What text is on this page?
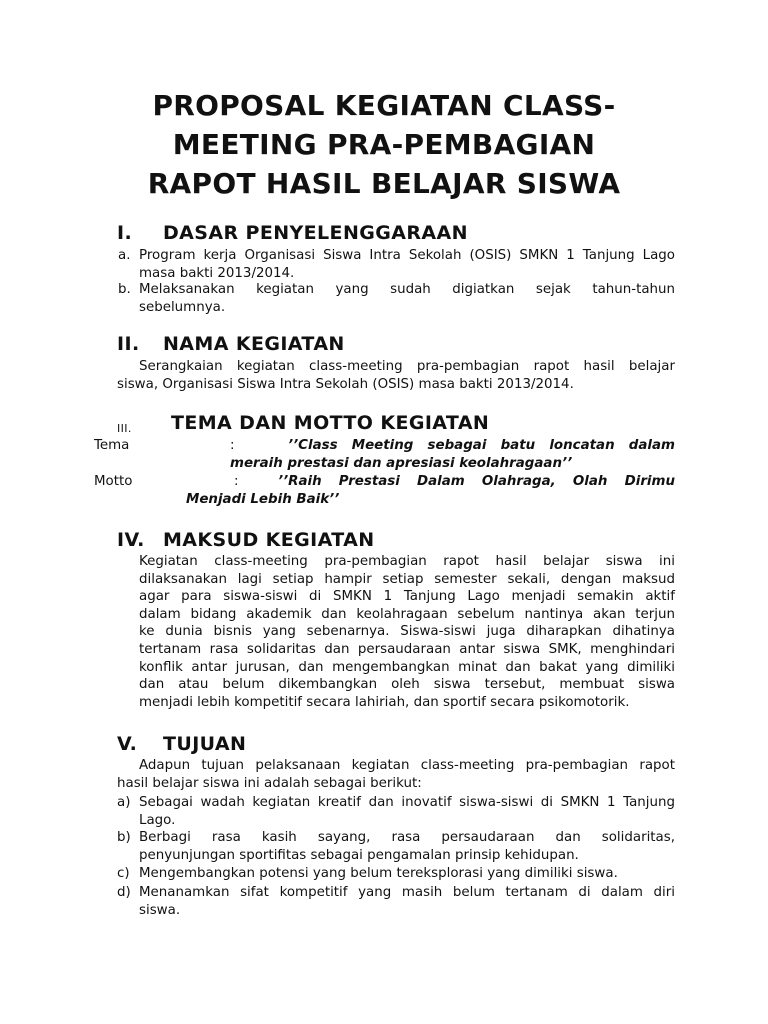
PROPOSAL KEGIATAN CLASS-
MEETING PRA-PEMBAGIAN
RAPOT HASIL BELAJAR SISWA
I. DASAR PENYELENGGARAAN
a. Program kerja Organisasi Siswa Intra Sekolah (OSIS) SMKN 1 Tanjung Lago
masa bakti 2013/2014.
b. Melaksanakan kegiatan yang sudah digiatkan sejak tahun-tahun
sebelumnya.
II. NAMA KEGIATAN
Serangkaian kegiatan class-meeting pra-pembagian rapot hasil belajar
siswa, Organisasi Siswa Intra Sekolah (OSIS) masa bakti 2013/2014.
III. TEMA DAN MOTTO KEGIATAN
Tema	:	’’Class Meeting sebagai batu loncatan dalam
meraih prestasi dan apresiasi keolahragaan’’
Motto	:	’’Raih Prestasi Dalam Olahraga, Olah Dirimu
Menjadi Lebih Baik’’
IV. MAKSUD KEGIATAN
Kegiatan class-meeting pra-pembagian rapot hasil belajar siswa ini
dilaksanakan lagi setiap hampir setiap semester sekali, dengan maksud
agar para siswa-siswi di SMKN 1 Tanjung Lago menjadi semakin aktif
dalam bidang akademik dan keolahragaan sebelum nantinya akan terjun
ke dunia bisnis yang sebenarnya. Siswa-siswi juga diharapkan dihatinya
tertanam rasa solidaritas dan persaudaraan antar siswa SMK, menghindari
konflik antar jurusan, dan mengembangkan minat dan bakat yang dimiliki
dan atau belum dikembangkan oleh siswa tersebut, membuat siswa
menjadi lebih kompetitif secara lahiriah, dan sportif secara psikomotorik.
V. TUJUAN
Adapun tujuan pelaksanaan kegiatan class-meeting pra-pembagian rapot
hasil belajar siswa ini adalah sebagai berikut:
a) Sebagai wadah kegiatan kreatif dan inovatif siswa-siswi di SMKN 1 Tanjung
Lago.
b) Berbagi rasa kasih sayang, rasa persaudaraan dan solidaritas,
penyunjungan sportifitas sebagai pengamalan prinsip kehidupan.
c) Mengembangkan potensi yang belum tereksplorasi yang dimiliki siswa.
d) Menanamkan sifat kompetitif yang masih belum tertanam di dalam diri
siswa.
